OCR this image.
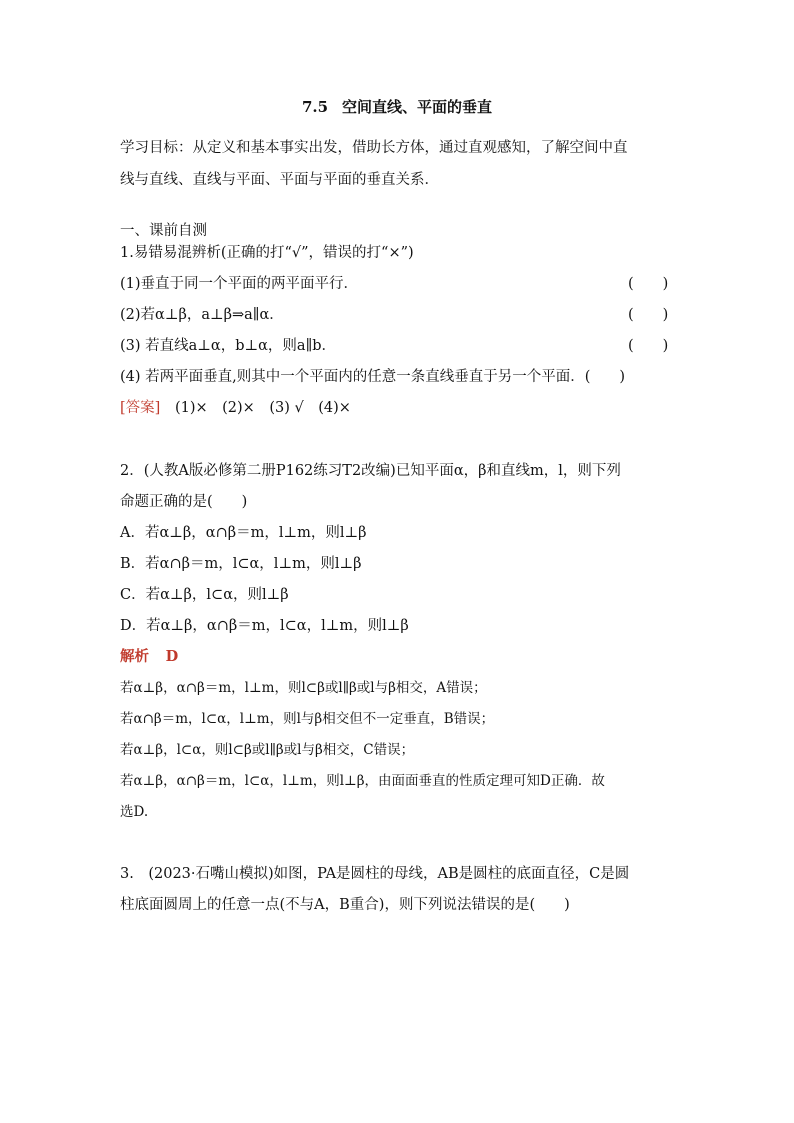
7.5 空间直线、平面的垂直
学习目标：从定义和基本事实出发，借助长方体，通过直观感知，了解空间中直
线与直线、直线与平面、平面与平面的垂直关系．
一、课前自测
1.易错易混辨析(正确的打“√”，错误的打“×”)
(1)垂直于同一个平面的两平面平行．	(　　)
(2)若α⊥β，a⊥β⇒a∥α．	(　　)
(3) 若直线a⊥α，b⊥α，则a∥b．	(　　)
(4) 若两平面垂直,则其中一个平面内的任意一条直线垂直于另一个平面．(　　)
[答案] (1)×　(2)×　(3) √　(4)×
2．(人教A版必修第二册P162练习T2改编)已知平面α，β和直线m，l，则下列
命题正确的是(　　)
A．若α⊥β，α∩β＝m，l⊥m，则l⊥β
B．若α∩β＝m，l⊂α，l⊥m，则l⊥β
C．若α⊥β，l⊂α，则l⊥β
D．若α⊥β，α∩β＝m，l⊂α，l⊥m，则l⊥β
解析 D
若α⊥β，α∩β＝m，l⊥m，则l⊂β或l∥β或l与β相交，A错误；
若α∩β＝m，l⊂α，l⊥m，则l与β相交但不一定垂直，B错误；
若α⊥β，l⊂α，则l⊂β或l∥β或l与β相交，C错误；
若α⊥β，α∩β＝m，l⊂α，l⊥m，则l⊥β，由面面垂直的性质定理可知D正确．故
选D.
3.　(2023·石嘴山模拟)如图，PA是圆柱的母线，AB是圆柱的底面直径，C是圆
柱底面圆周上的任意一点(不与A，B重合)，则下列说法错误的是(　　)
